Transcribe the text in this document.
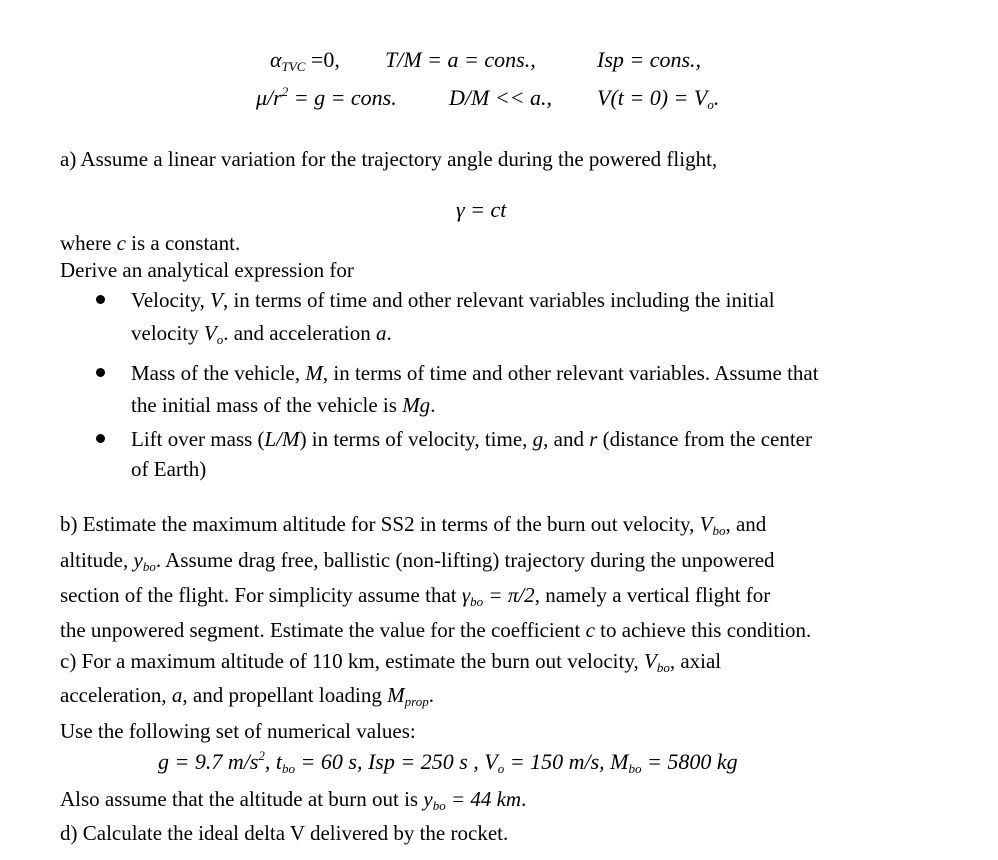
$\alpha_{TVC} =0$, T/M = a = cons.,	Isp = cons.,
$\mu/r^2 = g$ = cons. D/M << a., $V(t = 0) = V_o$.
a) Assume a linear variation for the trajectory angle during the powered flight,
γ = ct
where c is a constant.
Derive an analytical expression for
Velocity, V, in terms of time and other relevant variables including the initial
velocity $V_o$. and acceleration a.
Mass of the vehicle, M, in terms of time and other relevant variables. Assume that
the initial mass of the vehicle is Mg.
Lift over mass (L/M) in terms of velocity, time, g, and r (distance from the center
of Earth)
b) Estimate the maximum altitude for SS2 in terms of the burn out velocity, $V_{bo}$, and
altitude, $y_{bo}$. Assume drag free, ballistic (non-lifting) trajectory during the unpowered
section of the flight. For simplicity assume that $\gamma_{bo} = \pi/2$, namely a vertical flight for
the unpowered segment. Estimate the value for the coefficient c to achieve this condition.
c) For a maximum altitude of 110 km, estimate the burn out velocity, $V_{bo}$, axial
acceleration, a, and propellant loading $M_{prop}$.
Use the following set of numerical values:
g = 9.7 $m/s^2$, $t_{bo} = 60$ s, Isp = 250 s , $V_o = 150$ m/s, $M_{bo} = 5800$ kg
Also assume that the altitude at burn out is $y_{bo} = 44$ km.
d) Calculate the ideal delta V delivered by the rocket.
